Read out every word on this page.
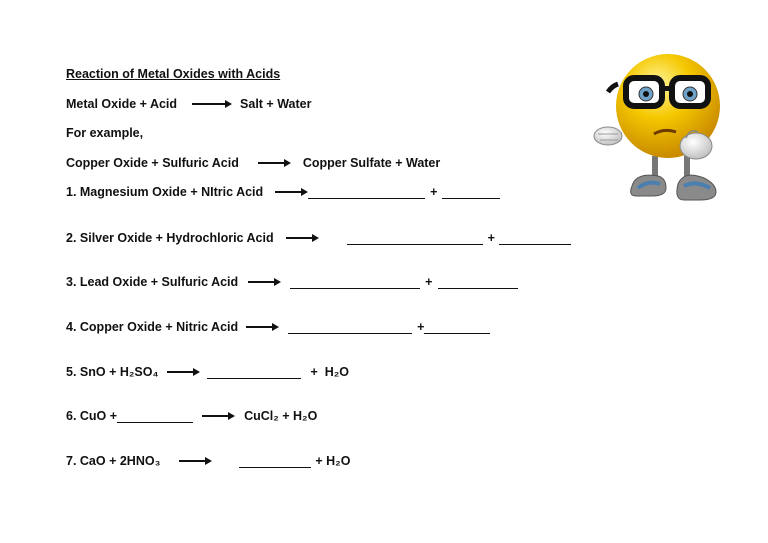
Reaction of Metal Oxides with Acids
Metal Oxide + Acid	Salt + Water
For example,
Copper Oxide + Sulfuric Acid	Copper Sulfate + Water
1. Magnesium Oxide + NItric Acid	+
2. Silver Oxide + Hydrochloric Acid	+
3. Lead Oxide + Sulfuric Acid	+
4. Copper Oxide + Nitric Acid	+
5. SnO + H₂SO₄	+  H₂O
6. CuO +	CuCl₂ + H₂O
7. CaO + 2HNO₃	+ H₂O
